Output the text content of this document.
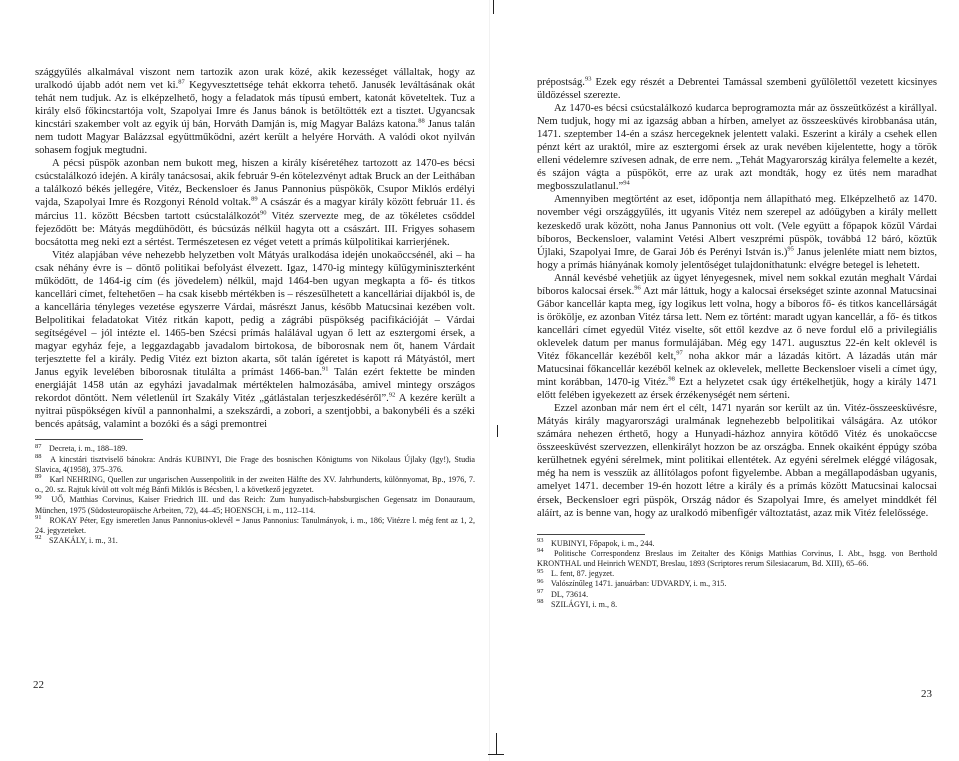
szággyűlés alkalmával viszont nem tartozik azon urak közé, akik kezességet vállaltak, hogy az uralkodó újabb adót nem vet ki.$^{87}$ Kegyvesztettsége tehát ekkorra tehető. Janusék leváltásának okát tehát nem tudjuk. Az is elképzelhető, hogy a feladatok más típusú embert, katonát követeltek. Tuz a király első főkincstartója volt, Szapolyai Imre és Janus bánok is betöltötték ezt a tisztet. Ugyancsak kincstári szakember volt az egyik új bán, Horváth Damján is, míg Magyar Balázs katona.$^{88}$ Janus talán nem tudott Magyar Balázzsal együttműködni, azért került a helyére Horváth. A valódi okot nyilván sohasem fogjuk megtudni.

A pécsi püspök azonban nem bukott meg, hiszen a király kíséretéhez tartozott az 1470-es bécsi csúcstalálkozó idején. A király tanácsosai, akik február 9-én kötelezvényt adtak Bruck an der Leithában a találkozó békés jellegére, Vitéz, Beckensloer és Janus Pannonius püspökök, Csupor Miklós erdélyi vajda, Szapolyai Imre és Rozgonyi Rénold voltak.$^{89}$ A császár és a magyar király között február 11. és március 11. között Bécsben tartott csúcstalálkozót$^{90}$ Vitéz szervezte meg, de az tökéletes csőddel fejeződött be: Mátyás megdühödött, és búcsúzás nélkül hagyta ott a császárt. III. Frigyes sohasem bocsátotta meg neki ezt a sértést. Természetesen ez véget vetett a prímás külpolitikai karrierjének.

Vitéz alapjában véve nehezebb helyzetben volt Mátyás uralkodása idején unokaöccsénél, aki – ha csak néhány évre is – döntő politikai befolyást élvezett. Igaz, 1470-ig mintegy külügyminiszterként működött, de 1464-ig cím (és jövedelem) nélkül, majd 1464-ben ugyan megkapta a fő- és titkos kancellári címet, feltehetően – ha csak kisebb mértékben is – részesülhetett a kancelláriai díjakból is, de a kancellária tényleges vezetése egyszerre Várdai, másrészt Janus, később Matucsinai kezében volt. Belpolitikai feladatokat Vitéz ritkán kapott, pedig a zágrábi püspökség pacifikációját – Várdai segítségével – jól intézte el. 1465-ben Szécsi prímás halálával ugyan ő lett az esztergomi érsek, a magyar egyház feje, a leggazdagabb javadalom birtokosa, de bíborosnak nem őt, hanem Várdait terjesztette fel a király. Pedig Vitéz ezt bizton akarta, sőt talán ígéretet is kapott rá Mátyástól, mert Janus egyik levelében bíborosnak titulálta a prímást 1466-ban.$^{91}$ Talán ezért fektette be minden energiáját 1458 után az egyházi javadalmak mértéktelen halmozásába, amivel mintegy országos rekordot döntött. Nem véletlenül írt Szakály Vitéz „gátlástalan terjeszkedéséről”.$^{92}$ A kezére került a nyitrai püspökségen kívül a pannonhalmi, a szekszárdi, a zobori, a szentjobbi, a bakonybéli és a széki bencés apátság, valamint a bozóki és a sági premontrei

$^{87}$ Decreta, i. m., 188–189.

$^{88}$ A kincstári tisztviselő bánokra: András KUBINYI, Die Frage des bosnischen Königtums von Nikolaus Újlaky (Igy!), Studia Slavica, 4(1958), 375–376.

$^{89}$ Karl NEHRING, Quellen zur ungarischen Aussenpolitik in der zweiten Hälfte des XV. Jahrhunderts, különnyomat, Bp., 1976, 7. o., 20. sz. Rajtuk kívül ott volt még Bánfi Miklós is Bécsben, l. a következő jegyzetet.

$^{90}$ UŐ, Matthias Corvinus, Kaiser Friedrich III. und das Reich: Zum hunyadisch-habsburgischen Gegensatz im Donauraum, München, 1975 (Südosteuropäische Arbeiten, 72), 44–45; HOENSCH, i. m., 112–114.

$^{91}$ ROKAY Péter, Egy ismeretlen Janus Pannonius-oklevél = Janus Pannonius: Tanulmányok, i. m., 186; Vitézre l. még fent az 1, 2, 24. jegyzeteket.

$^{92}$ SZAKÁLY, i. m., 31.

prépostság.$^{93}$ Ezek egy részét a Debrentei Tamással szembeni gyűlölettől vezetett kicsinyes üldözéssel szerezte.

Az 1470-es bécsi csúcstalálkozó kudarca beprogramozta már az összeütközést a királlyal. Nem tudjuk, hogy mi az igazság abban a hírben, amelyet az összeesküvés kirobbanása után, 1471. szeptember 14-én a szász hercegeknek jelentett valaki. Eszerint a király a csehek ellen pénzt kért az uraktól, mire az esztergomi érsek az urak nevében kijelentette, hogy a török elleni védelemre szívesen adnak, de erre nem. „Tehát Magyarország királya felemelte a kezét, és szájon vágta a püspököt, erre az urak azt mondták, hogy ez ütés nem maradhat megbosszulatlanul.”$^{94}$

Amennyiben megtörtént az eset, időpontja nem állapítható meg. Elképzelhető az 1470. november végi országgyűlés, itt ugyanis Vitéz nem szerepel az adóügyben a király mellett kezeskedő urak között, noha Janus Pannonius ott volt. (Vele együtt a főpapok közül Várdai bíboros, Beckensloer, valamint Vetési Albert veszprémi püspök, továbbá 12 báró, köztük Újlaki, Szapolyai Imre, de Garai Jób és Perényi István is.)$^{95}$ Janus jelenléte miatt nem biztos, hogy a prímás hiányának komoly jelentőséget tulajdoníthatunk: elvégre betegel is lehetett.

Annál kevésbé vehetjük az ügyet lényegesnek, mivel nem sokkal ezután meghalt Várdai bíboros kalocsai érsek.$^{96}$ Azt már láttuk, hogy a kalocsai érsekséget szinte azonnal Matucsinai Gábor kancellár kapta meg, így logikus lett volna, hogy a bíboros fő- és titkos kancellárságát is örökölje, ez azonban Vitéz társa lett. Nem ez történt: maradt ugyan kancellár, a fő- és titkos kancellári címet egyedül Vitéz viselte, sőt ettől kezdve az ő neve fordul elő a privilegiális oklevelek datum per manus formulájában. Még egy 1471. augusztus 22-én kelt oklevél is Vitéz főkancellár kezéből kelt,$^{97}$ noha akkor már a lázadás kitört. A lázadás után már Matucsinai főkancellár kezéből kelnek az oklevelek, mellette Beckensloer viseli a címet úgy, mint korábban, 1470-ig Vitéz.$^{98}$ Ezt a helyzetet csak úgy értékelhetjük, hogy a király 1471 előtt felében igyekezett az érsek érzékenységét nem sérteni.

Ezzel azonban már nem ért el célt, 1471 nyarán sor került az ún. Vitéz-összeesküvésre, Mátyás király magyarországi uralmának legnehezebb belpolitikai válságára. Az utókor számára nehezen érthető, hogy a Hunyadi-házhoz annyira kötődő Vitéz és unokaöccse összeesküvést szervezzen, ellenkirályt hozzon be az országba. Ennek okaiként éppúgy szóba kerülhetnek egyéni sérelmek, mint politikai ellentétek. Az egyéni sérelmek eléggé világosak, még ha nem is vesszük az állítólagos pofont figyelembe. Abban a megállapodásban ugyanis, amelyet 1471. december 19-én hozott létre a király és a prímás között Matucsinai kalocsai érsek, Beckensloer egri püspök, Ország nádor és Szapolyai Imre, és amelyet minddkét fél aláírt, az is benne van, hogy az uralkodó mibenfigér változtatást, azaz mik Vitéz felelőssége.

$^{93}$ KUBINYI, Főpapok, i. m., 244.

$^{94}$ Politische Correspondenz Breslaus im Zeitalter des Königs Matthias Corvinus, I. Abt., hsgg. von Berthold KRONTHAL und Heinrich WENDT, Breslau, 1893 (Scriptores rerum Silesiacarum, Bd. XIII), 65–66.

$^{95}$ L. fent, 87. jegyzet.

$^{96}$ Valószínűleg 1471. januárban: UDVARDY, i. m., 315.

$^{97}$ DL, 73614.

$^{98}$ SZILÁGYI, i. m., 8.

22
23
